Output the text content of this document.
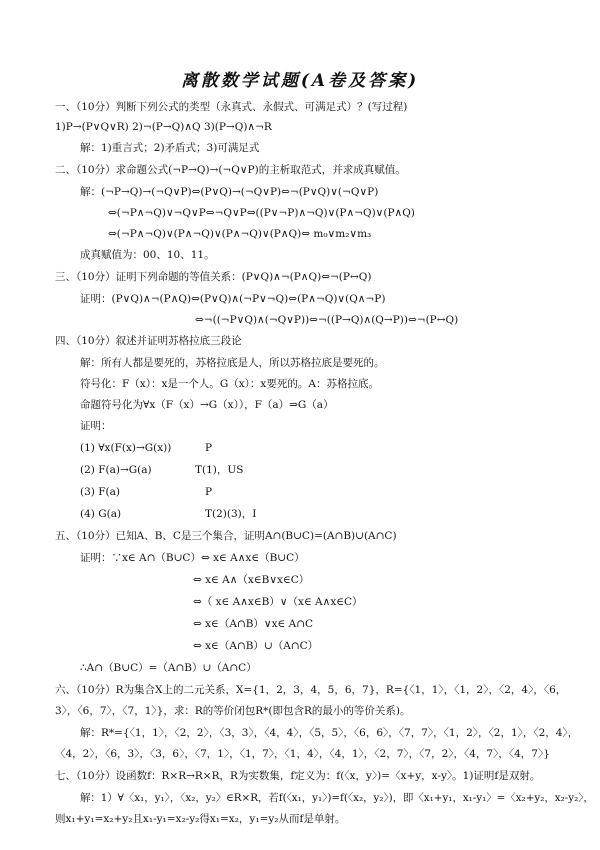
离散数学试题(A卷及答案)
一、（10分）判断下列公式的类型（永真式、永假式、可满足式）？(写过程)
1)P→(P∨Q∨R) 2)¬(P→Q)∧Q 3)(P→Q)∧¬R
解：1)重言式；2)矛盾式；3)可满足式
二、（10分）求命题公式(¬P→Q)→(¬Q∨P)的主析取范式，并求成真赋值。
解：(¬P→Q)→(¬Q∨P)⇔(P∨Q)→(¬Q∨P)⇔¬(P∨Q)∨(¬Q∨P)
⇔(¬P∧¬Q)∨¬Q∨P⇔¬Q∨P⇔((P∨¬P)∧¬Q)∨(P∧¬Q)∨(P∧Q)
⇔(¬P∧¬Q)∨(P∧¬Q)∨(P∧¬Q)∨(P∧Q)⇔ m₀∨m₂∨m₃
成真赋值为：00、10、11。
三、（10分）证明下列命题的等值关系：(P∨Q)∧¬(P∧Q)⇔¬(P↔Q)
证明：(P∨Q)∧¬(P∧Q)⇔(P∨Q)∧(¬P∨¬Q)⇔(P∧¬Q)∨(Q∧¬P)
⇔¬((¬P∨Q)∧(¬Q∨P))⇔¬((P→Q)∧(Q→P))⇔¬(P↔Q)
四、（10分）叙述并证明苏格拉底三段论
解：所有人都是要死的，苏格拉底是人，所以苏格拉底是要死的。
符号化：F（x）：x是一个人。G（x）：x要死的。A：苏格拉底。
命题符号化为∀x（F（x）→G（x）），F（a）⇒G（a）
证明：
(1) ∀x(F(x)→G(x))	P
(2) F(a)→G(a)	T(1)，US
(3) F(a)	P
(4) G(a)	T(2)(3)，I
五、（10分）已知A、B、C是三个集合，证明A∩(B∪C)=(A∩B)∪(A∩C)
证明：∵x∈ A∩（B∪C）⇔ x∈ A∧x∈（B∪C）
⇔ x∈ A∧（x∈B∨x∈C）
⇔（ x∈ A∧x∈B）∨（x∈ A∧x∈C）
⇔ x∈（A∩B）∨x∈ A∩C
⇔ x∈（A∩B）∪（A∩C）
∴A∩（B∪C）=（A∩B）∪（A∩C）
六、（10分）R为集合X上的二元关系，X={1，2，3，4，5，6，7}，R={〈1，1〉，〈1，2〉，〈2，4〉，〈6，
3〉，〈6，7〉，〈7，1〉}，求：R的等价闭包R*(即包含R的最小的等价关系)。
解：R*={〈1，1〉，〈2，2〉，〈3，3〉，〈4，4〉，〈5，5〉，〈6，6〉，〈7，7〉，〈1，2〉，〈2，1〉，〈2，4〉，
〈4，2〉，〈6，3〉，〈3，6〉，〈7，1〉，〈1，7〉，〈1，4〉，〈4，1〉，〈2，7〉，〈7，2〉，〈4，7〉，〈4，7〉}
七、（10分）设函数f：R×R→R×R，R为实数集，f定义为：f(〈x，y〉)=〈x+y，x-y〉。1)证明f是双射。
解：1）∀〈x₁，y₁〉，〈x₂，y₂〉∈R×R，若f(〈x₁，y₁〉)=f(〈x₂，y₂〉)，即〈x₁+y₁，x₁-y₁〉=〈x₂+y₂，x₂-y₂〉，
则x₁+y₁=x₂+y₂且x₁-y₁=x₂-y₂得x₁=x₂，y₁=y₂从而f是单射。
